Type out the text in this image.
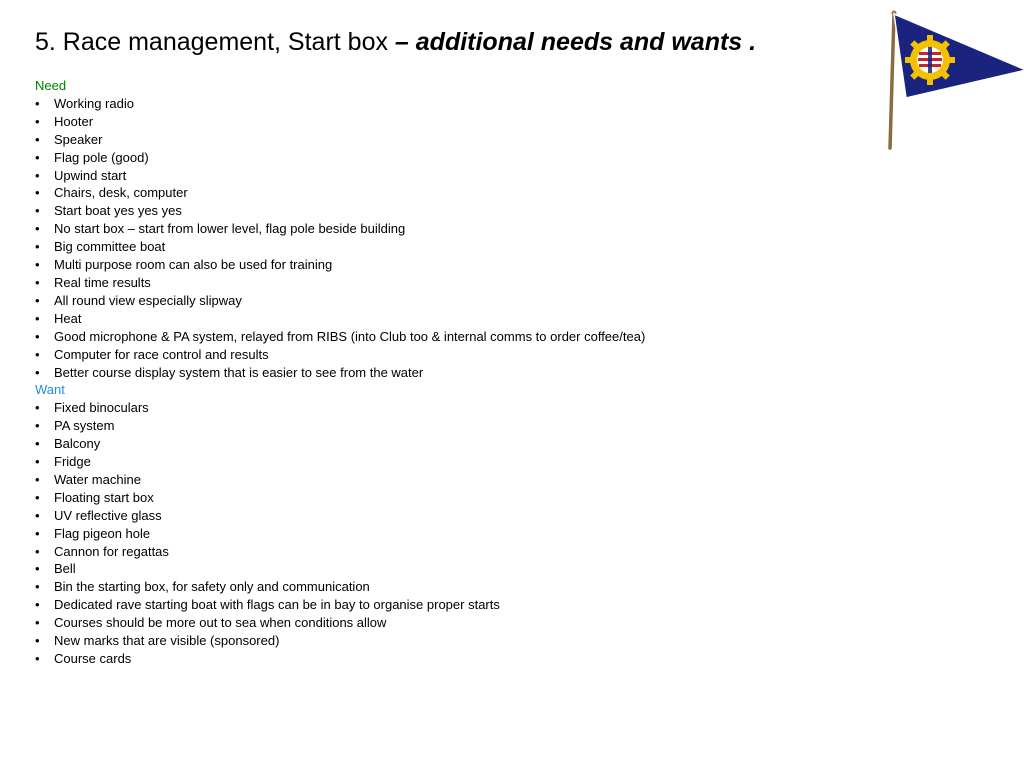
5. Race management, Start box – additional needs and wants .
Need
• Working radio
• Hooter
• Speaker
• Flag pole (good)
• Upwind start
• Chairs, desk, computer
• Start boat yes yes yes
• No start box – start from lower level, flag pole beside building
• Big committee boat
• Multi purpose room can also be used for training
• Real time results
• All round view especially slipway
• Heat
• Good microphone & PA system, relayed from RIBS (into Club too & internal comms to order coffee/tea)
• Computer for race control and results
• Better course display system that is easier to see from the water
Want
• Fixed binoculars
• PA system
• Balcony
• Fridge
• Water machine
• Floating start box
• UV reflective glass
• Flag pigeon hole
• Cannon for regattas
• Bell
• Bin the starting box, for safety only and communication
• Dedicated rave starting boat with flags can be in bay to organise proper starts
• Courses should be more out to sea when conditions allow
• New marks that are visible (sponsored)
• Course cards
